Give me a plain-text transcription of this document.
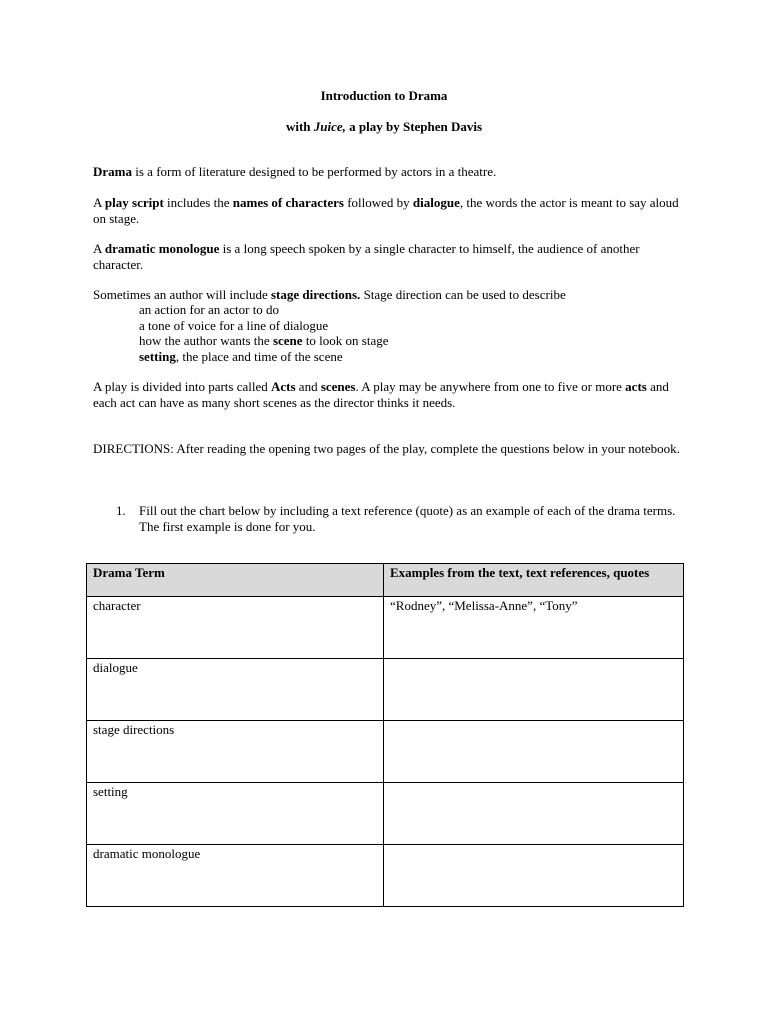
Introduction to Drama
with Juice, a play by Stephen Davis
Drama is a form of literature designed to be performed by actors in a theatre.
A play script includes the names of characters followed by dialogue, the words the actor is meant to say aloud on stage.
A dramatic monologue is a long speech spoken by a single character to himself, the audience of another character.
Sometimes an author will include stage directions. Stage direction can be used to describe
an action for an actor to do
a tone of voice for a line of dialogue
how the author wants the scene to look on stage
setting, the place and time of the scene
A play is divided into parts called Acts and scenes. A play may be anywhere from one to five or more acts and each act can have as many short scenes as the director thinks it needs.
DIRECTIONS: After reading the opening two pages of the play, complete the questions below in your notebook.
1. Fill out the chart below by including a text reference (quote) as an example of each of the drama terms. The first example is done for you.
Drama Term	Examples from the text, text references, quotes
character	“Rodney”, “Melissa-Anne”, “Tony”
dialogue	
stage directions	
setting	
dramatic monologue	
